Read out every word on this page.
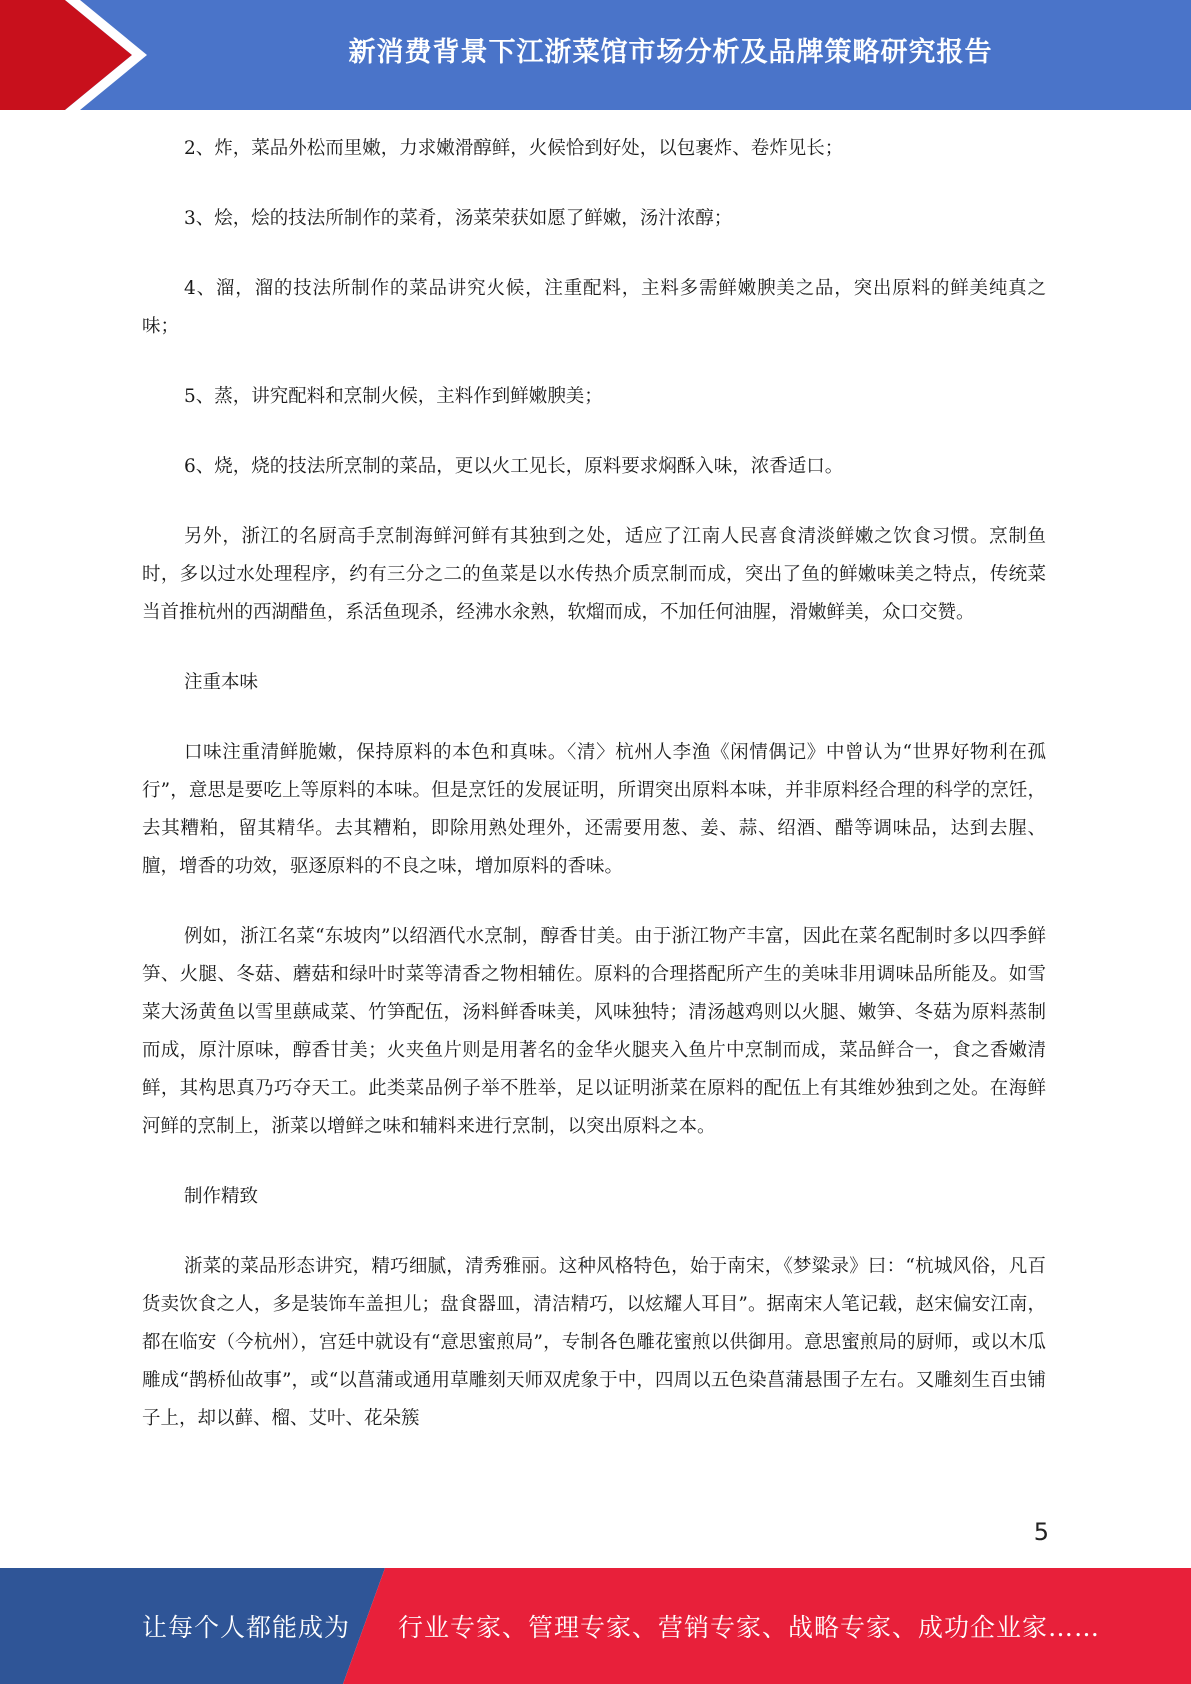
新消费背景下江浙菜馆市场分析及品牌策略研究报告

2、炸，菜品外松而里嫩，力求嫩滑醇鲜，火候恰到好处，以包裹炸、卷炸见长；

3、烩，烩的技法所制作的菜肴，汤菜荣获如愿了鲜嫩，汤汁浓醇；

4、溜，溜的技法所制作的菜品讲究火候，注重配料，主料多需鲜嫩腴美之品，突出原料的鲜美纯真之味；

5、蒸，讲究配料和烹制火候，主料作到鲜嫩腴美；

6、烧，烧的技法所烹制的菜品，更以火工见长，原料要求焖酥入味，浓香适口。

另外，浙江的名厨高手烹制海鲜河鲜有其独到之处，适应了江南人民喜食清淡鲜嫩之饮食习惯。烹制鱼时，多以过水处理程序，约有三分之二的鱼菜是以水传热介质烹制而成，突出了鱼的鲜嫩味美之特点，传统菜当首推杭州的西湖醋鱼，系活鱼现杀，经沸水汆熟，软熘而成，不加任何油腥，滑嫩鲜美，众口交赞。

注重本味

口味注重清鲜脆嫩，保持原料的本色和真味。〈清〉杭州人李渔《闲情偶记》中曾认为“世界好物利在孤行”，意思是要吃上等原料的本味。但是烹饪的发展证明，所谓突出原料本味，并非原料经合理的科学的烹饪，去其糟粕，留其精华。去其糟粕，即除用熟处理外，还需要用葱、姜、蒜、绍酒、醋等调味品，达到去腥、膻，增香的功效，驱逐原料的不良之味，增加原料的香味。

例如，浙江名菜“东坡肉”以绍酒代水烹制，醇香甘美。由于浙江物产丰富，因此在菜名配制时多以四季鲜笋、火腿、冬菇、蘑菇和绿叶时菜等清香之物相辅佐。原料的合理搭配所产生的美味非用调味品所能及。如雪菜大汤黄鱼以雪里蕻咸菜、竹笋配伍，汤料鲜香味美，风味独特；清汤越鸡则以火腿、嫩笋、冬菇为原料蒸制而成，原汁原味，醇香甘美；火夹鱼片则是用著名的金华火腿夹入鱼片中烹制而成，菜品鲜合一，食之香嫩清鲜，其构思真乃巧夺天工。此类菜品例子举不胜举，足以证明浙菜在原料的配伍上有其维妙独到之处。在海鲜河鲜的烹制上，浙菜以增鲜之味和辅料来进行烹制，以突出原料之本。

制作精致

浙菜的菜品形态讲究，精巧细腻，清秀雅丽。这种风格特色，始于南宋，《梦粱录》曰：“杭城风俗，凡百货卖饮食之人，多是装饰车盖担儿；盘食器皿，清洁精巧，以炫耀人耳目”。据南宋人笔记载，赵宋偏安江南，都在临安（今杭州），宫廷中就设有“意思蜜煎局”，专制各色雕花蜜煎以供御用。意思蜜煎局的厨师，或以木瓜雕成“鹊桥仙故事”，或“以菖蒲或通用草雕刻天师双虎象于中，四周以五色染菖蒲悬围子左右。又雕刻生百虫铺子上，却以藓、榴、艾叶、花朵簇

5
让每个人都能成为 行业专家、管理专家、营销专家、战略专家、成功企业家……
